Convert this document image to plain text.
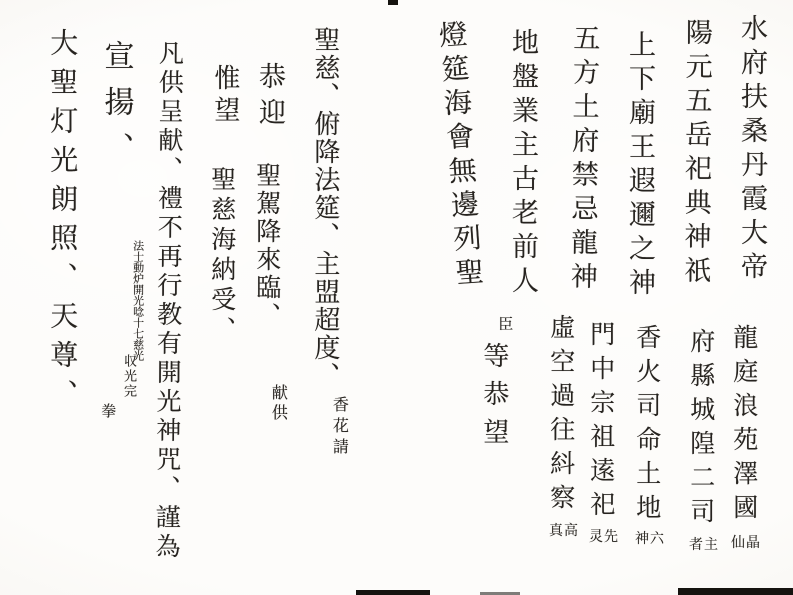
水府扶桑丹霞大帝
陽元五岳祀典神祇
上下廟王遐邇之神
五方土府禁忌龍神
地盤業主古老前人
燈筵海會無邊列聖
龍庭浪苑澤國
晶仙
府縣城隍二司
主者
香火司命土地
六神
門中宗祖逺祀
先灵
虛空過往紏察
高真
臣
等恭望
聖慈、俯降法筵、主盟超度、
香花請
恭迎
聖駕降來臨、
献供
惟望
聖慈海納受、
凡供呈献、禮不再行教有開光神咒、謹為
宣揚、
法士動炉開光唸十七慈光
収光完
拳
大聖灯光朗照、天尊、
